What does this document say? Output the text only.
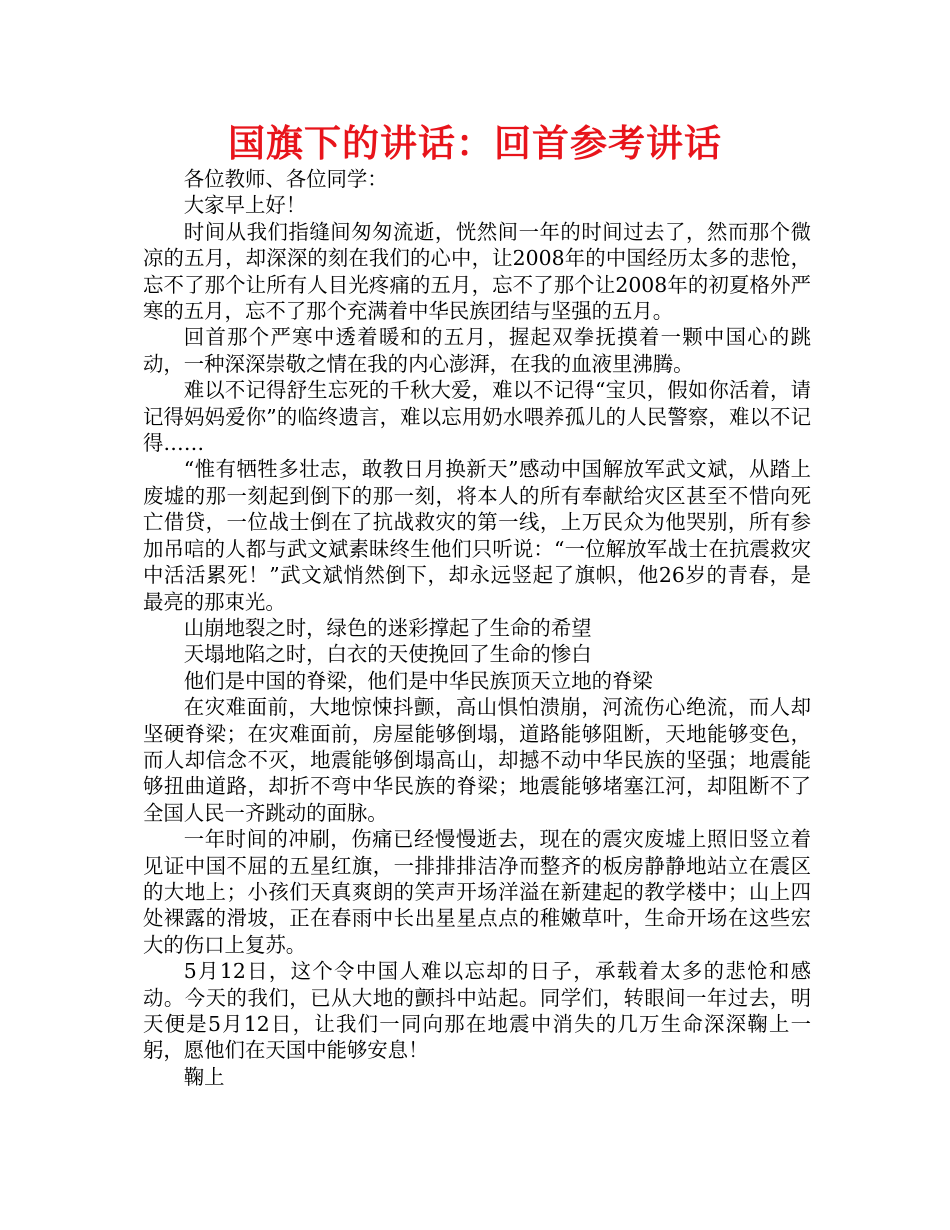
国旗下的讲话：回首参考讲话

各位教师、各位同学：

大家早上好！

时间从我们指缝间匆匆流逝，恍然间一年的时间过去了，然而那个微凉的五月，却深深的刻在我们的心中，让2008年的中国经历太多的悲怆，忘不了那个让所有人目光疼痛的五月，忘不了那个让2008年的初夏格外严寒的五月，忘不了那个充满着中华民族团结与坚强的五月。

回首那个严寒中透着暖和的五月，握起双拳抚摸着一颗中国心的跳动，一种深深崇敬之情在我的内心澎湃，在我的血液里沸腾。

难以不记得舒生忘死的千秋大爱，难以不记得“宝贝，假如你活着，请记得妈妈爱你”的临终遗言，难以忘用奶水喂养孤儿的人民警察，难以不记得……

“惟有牺牲多壮志，敢教日月换新天”感动中国解放军武文斌，从踏上废墟的那一刻起到倒下的那一刻，将本人的所有奉献给灾区甚至不惜向死亡借贷，一位战士倒在了抗战救灾的第一线，上万民众为他哭别，所有参加吊唁的人都与武文斌素昧终生他们只听说：“一位解放军战士在抗震救灾中活活累死！”武文斌悄然倒下，却永远竖起了旗帜，他26岁的青春，是最亮的那束光。

山崩地裂之时，绿色的迷彩撑起了生命的希望

天塌地陷之时，白衣的天使挽回了生命的惨白

他们是中国的脊梁，他们是中华民族顶天立地的脊梁

在灾难面前，大地惊悚抖颤，高山惧怕溃崩，河流伤心绝流，而人却坚硬脊梁；在灾难面前，房屋能够倒塌，道路能够阻断，天地能够变色，而人却信念不灭，地震能够倒塌高山，却撼不动中华民族的坚强；地震能够扭曲道路，却折不弯中华民族的脊梁；地震能够堵塞江河，却阻断不了全国人民一齐跳动的面脉。

一年时间的冲刷，伤痛已经慢慢逝去，现在的震灾废墟上照旧竖立着见证中国不屈的五星红旗，一排排排洁净而整齐的板房静静地站立在震区的大地上；小孩们天真爽朗的笑声开场洋溢在新建起的教学楼中；山上四处裸露的滑坡，正在春雨中长出星星点点的稚嫩草叶，生命开场在这些宏大的伤口上复苏。

5月12日，这个令中国人难以忘却的日子，承载着太多的悲怆和感动。今天的我们，已从大地的颤抖中站起。同学们，转眼间一年过去，明天便是5月12日，让我们一同向那在地震中消失的几万生命深深鞠上一躬，愿他们在天国中能够安息！

鞠上
